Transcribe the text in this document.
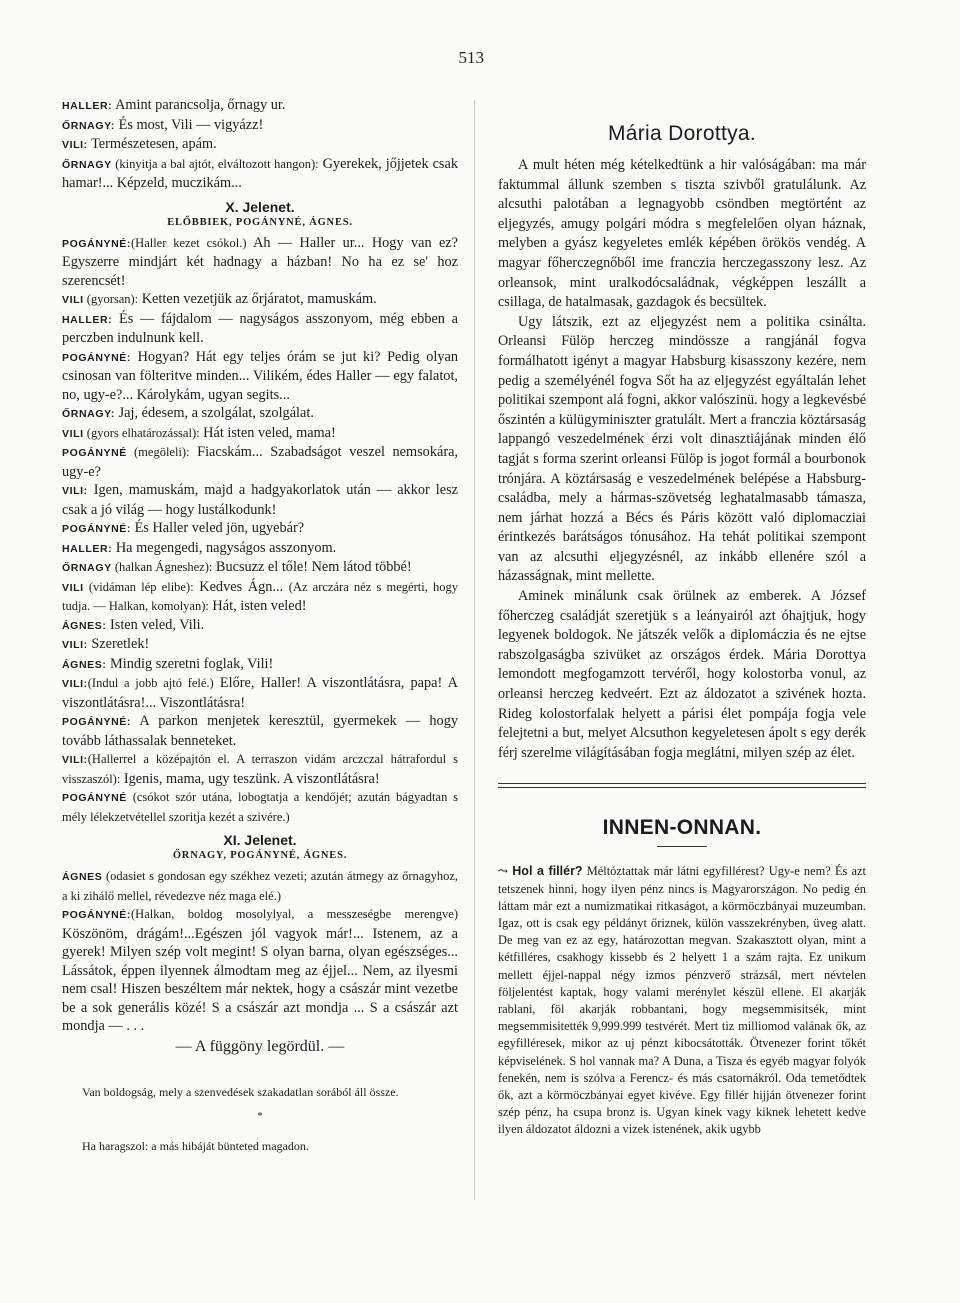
513

HALLER: Amint parancsolja, őrnagy ur.

ŐRNAGY: És most, Vili — vigyázz!

VILI: Természetesen, apám.

ŐRNAGY (kinyitja a bal ajtót, elváltozott hangon): Gyerekek, jőjjetek csak hamar!... Képzeld, muczikám...

X. Jelenet.
ELŐBBIEK, POGÁNYNÉ, ÁGNES.

POGÁNYNÉ:(Haller kezet csókol.) Ah — Haller ur... Hogy van ez? Egyszerre mindjárt két hadnagy a házban! No ha ez se' hoz szerencsét!

VILI (gyorsan): Ketten vezetjük az őrjáratot, mamuskám.

HALLER: És — fájdalom — nagyságos asszonyom, még ebben a perczben indulnunk kell.

POGÁNYNÉ: Hogyan? Hát egy teljes órám se jut ki? Pedig olyan csinosan van fölteritve minden... Vilikém, édes Haller — egy falatot, no, ugy-e?... Károlykám, ugyan segits...

ŐRNAGY: Jaj, édesem, a szolgálat, szolgálat.

VILI (gyors elhatározással): Hát isten veled, mama!

POGÁNYNÉ (megöleli): Fiacskám... Szabadságot veszel nemsokára, ugy-e?

VILI: Igen, mamuskám, majd a hadgyakorlatok után — akkor lesz csak a jó világ — hogy lustálkodunk!

POGÁNYNÉ: És Haller veled jön, ugyebár?

HALLER: Ha megengedi, nagyságos asszonyom.

ŐRNAGY (halkan Ágneshez): Bucsuzz el tőle! Nem látod többé!

VILI (vidáman lép elibe): Kedves Ágn... (Az arczára néz s megérti, hogy tudja. — Halkan, komolyan): Hát, isten veled!

ÁGNES: Isten veled, Vili.

VILI: Szeretlek!

ÁGNES: Mindig szeretni foglak, Vili!

VILI:(Indul a jobb ajtó felé.) Előre, Haller! A viszontlátásra, papa! A viszontlátásra!... Viszontlátásra!

POGÁNYNÉ: A parkon menjetek keresztül, gyermekek — hogy tovább láthassalak benneteket.

VILI:(Hallerrel a középajtón el. A terraszon vidám arczczal hátrafordul s visszaszól): Igenis, mama, ugy teszünk. A viszontlátásra!

POGÁNYNÉ (csókot szór utána, lobogtatja a kendőjét; azután bágyadtan s mély lélekzetvétellel szoritja kezét a szivére.)

XI. Jelenet.
ŐRNAGY, POGÁNYNÉ, ÁGNES.

ÁGNES (odasiet s gondosan egy székhez vezeti; azután átmegy az őrnagyhoz, a ki zihálő mellel, révedezve néz maga elé.)

POGÁNYNÉ:(Halkan, boldog mosolylyal, a messzeségbe merengve) Köszönöm, drágám!...Egészen jól vagyok már!... Istenem, az a gyerek! Milyen szép volt megint! S olyan barna, olyan egészséges... Lássátok, éppen ilyennek álmodtam meg az éjjel... Nem, az ilyesmi nem csal! Hiszen beszéltem már nektek, hogy a császár mint vezetbe be a sok generális közé! S a császár azt mondja ... S a császár azt mondja — . . .

— A függöny legördül. —

Van boldogság, mely a szenvedések szakadatlan sorából áll össze.

*

Ha haragszol: a más hibáját bünteted magadon.

Mária Dorottya.

A mult héten még kételkedtünk a hir valóságában: ma már faktummal állunk szemben s tiszta szivből gratulálunk. Az alcsuthi palotában a legnagyobb csöndben megtörtént az eljegyzés, amugy polgári módra s megfelelően olyan háznak, melyben a gyász kegyeletes emlék képében örökös vendég. A magyar főherczegnőből ime franczia herczegasszony lesz. Az orleansok, mint uralkodócsaládnak, végképpen leszállt a csillaga, de hatalmasak, gazdagok és becsültek.

Ugy látszik, ezt az eljegyzést nem a politika csinálta. Orleansi Fülöp herczeg mindössze a rangjánál fogva formálhatott igényt a magyar Habsburg kisasszony kezére, nem pedig a személyénél fogva Sőt ha az eljegyzést egyáltalán lehet politikai szempont alá fogni, akkor valószinü. hogy a legkevésbé őszintén a külügyminiszter gratulált. Mert a franczia köztársaság lappangó veszedelmének érzi volt dinasztiájának minden élő tagját s forma szerint orleansi Fülöp is jogot formál a bourbonok trónjára. A köztársaság e veszedelmének belépése a Habsburg-családba, mely a hármas-szövetség leghatalmasabb támasza, nem járhat hozzá a Bécs és Páris között való diplomacziai érintkezés barátságos tónusához. Ha tehát politikai szempont van az alcsuthi eljegyzésnél, az inkább ellenére szól a házasságnak, mint mellette.

Aminek minálunk csak örülnek az emberek. A József főherczeg családját szeretjük s a leányairól azt óhajtjuk, hogy legyenek boldogok. Ne játszék velők a diplomáczia és ne ejtse rabszolgaságba szivüket az országos érdek. Mária Dorottya lemondott megfogamzott tervéről, hogy kolostorba vonul, az orleansi herczeg kedveért. Ezt az áldozatot a szivének hozta. Rideg kolostorfalak helyett a párisi élet pompája fogja vele felejtetni a but, melyet Alcsuthon kegyeletesen ápolt s egy derék férj szerelme világításában fogja meglátni, milyen szép az élet.

INNEN-ONNAN.

⤳ Hol a fillér? Méltóztattak már látni egyfillérest? Ugy-e nem? És azt tetszenek hinni, hogy ilyen pénz nincs is Magyarországon. No pedig én láttam már ezt a numizmatikai ritkaságot, a körmöczbányai muzeumban. Igaz, ott is csak egy példányt őriznek, külön vasszekrényben, üveg alatt. De meg van ez az egy, határozottan megvan. Szakasztott olyan, mint a kétfilléres, csakhogy kissebb és 2 helyett 1 a szám rajta. Ez unikum mellett éjjel-nappal négy izmos pénzverő strázsál, mert névtelen följelentést kaptak, hogy valami merénylet készül ellene. El akarják rablani, föl akarják robbantani, hogy megsemmisitsék, mint megsemmisitették 9,999.999 testvérét. Mert tiz milliomod valának ők, az egyfilléresek, mikor az uj pénzt kibocsátották. Ötvenezer forint tőkét képviselének. S hol vannak ma? A Duna, a Tisza és egyéb magyar folyók fenekén, nem is szólva a Ferencz- és más csatornákról. Oda temetődtek ők, azt a körmöczbányai egyet kivéve. Egy fillér hijján ötvenezer forint szép pénz, ha csupa bronz is. Ugyan kinek vagy kiknek lehetett kedve ilyen áldozatot áldozni a vizek istenének, akik ugybb
